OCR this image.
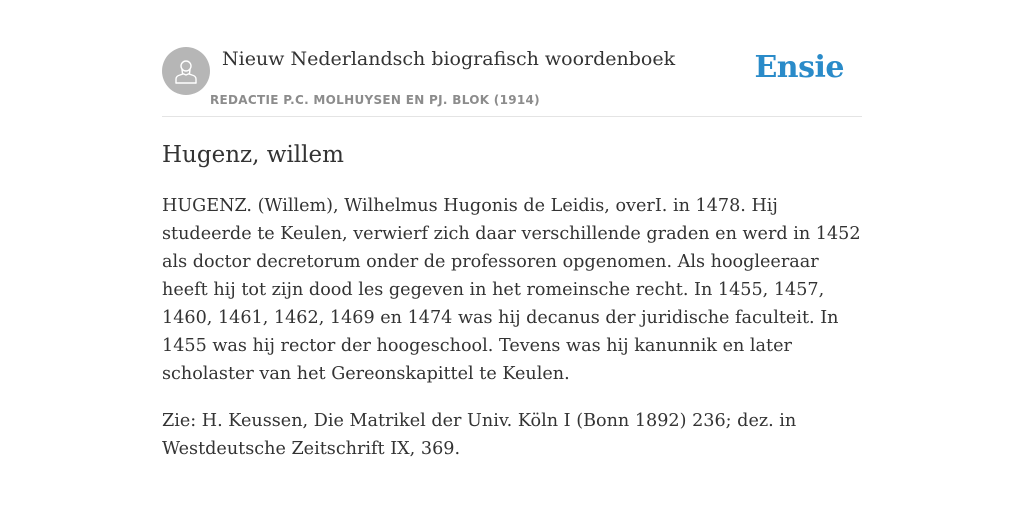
Nieuw Nederlandsch biografisch woordenboek
REDACTIE P.C. MOLHUYSEN EN PJ. BLOK (1914)
Ensie
Hugenz, willem

HUGENZ. (Willem), Wilhelmus Hugonis de Leidis, overI. in 1478. Hij studeerde te Keulen, verwierf zich daar verschillende graden en werd in 1452 als doctor decretorum onder de professoren opgenomen. Als hoogleeraar heeft hij tot zijn dood les gegeven in het romeinsche recht. In 1455, 1457, 1460, 1461, 1462, 1469 en 1474 was hij decanus der juridische faculteit. In 1455 was hij rector der hoogeschool. Tevens was hij kanunnik en later scholaster van het Gereonskapittel te Keulen.

Zie: H. Keussen, Die Matrikel der Univ. Köln I (Bonn 1892) 236; dez. in Westdeutsche Zeitschrift IX, 369.
